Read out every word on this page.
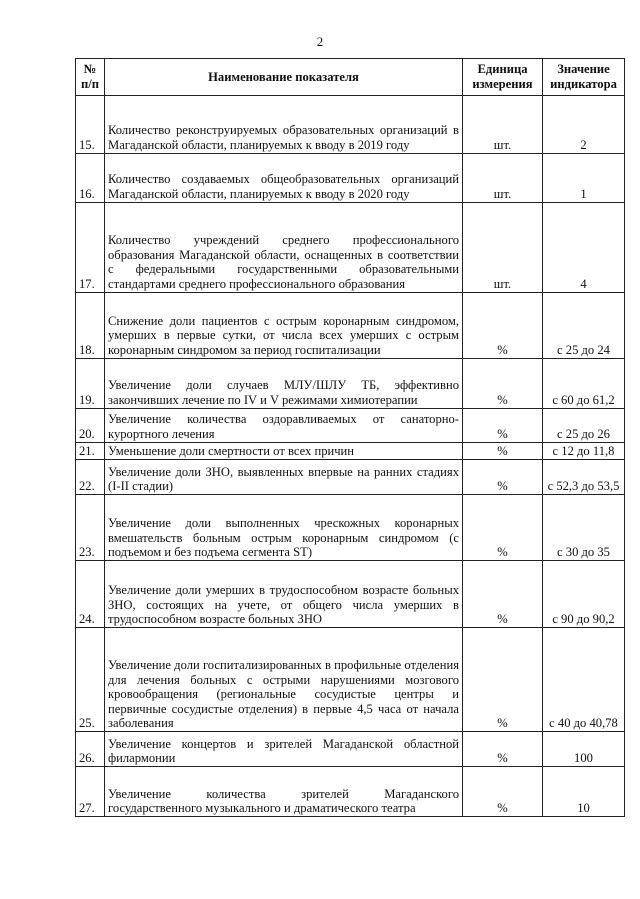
2
№ п/п	Наименование показателя	Единица измерения	Значение индикатора
15.	Количество реконструируемых образовательных организаций в Магаданской области, планируемых к вводу в 2019 году	шт.	2
16.	Количество создаваемых общеобразовательных организаций Магаданской области, планируемых к вводу в 2020 году	шт.	1
17.	Количество учреждений среднего профессионального образования Магаданской области, оснащенных в соответствии с федеральными государственными образовательными стандартами среднего профессионального образования	шт.	4
18.	Снижение доли пациентов с острым коронарным синдромом, умерших в первые сутки, от числа всех умерших с острым коронарным синдромом за период госпитализации	%	с 25 до 24
19.	Увеличение доли случаев МЛУ/ШЛУ ТБ, эффективно закончивших лечение по IV и V режимами химиотерапии	%	с 60 до 61,2
20.	Увеличение количества оздоравливаемых от санаторно-курортного лечения	%	с 25 до 26
21.	Уменьшение доли смертности от всех причин	%	с 12 до 11,8
22.	Увеличение доли ЗНО, выявленных впервые на ранних стадиях (I-II стадии)	%	с 52,3 до 53,5
23.	Увеличение доли выполненных чрескожных коронарных вмешательств больным острым коронарным синдромом (с подъемом и без подъема сегмента ST)	%	с 30 до 35
24.	Увеличение доли умерших в трудоспособном возрасте больных ЗНО, состоящих на учете, от общего числа умерших в трудоспособном возрасте больных ЗНО	%	с 90 до 90,2
25.	Увеличение доли госпитализированных в профильные отделения для лечения больных с острыми нарушениями мозгового кровообращения (региональные сосудистые центры и первичные сосудистые отделения) в первые 4,5 часа от начала заболевания	%	с 40 до 40,78
26.	Увеличение концертов и зрителей Магаданской областной филармонии	%	100
27.	Увеличение количества зрителей Магаданского государственного музыкального и драматического театра	%	10
